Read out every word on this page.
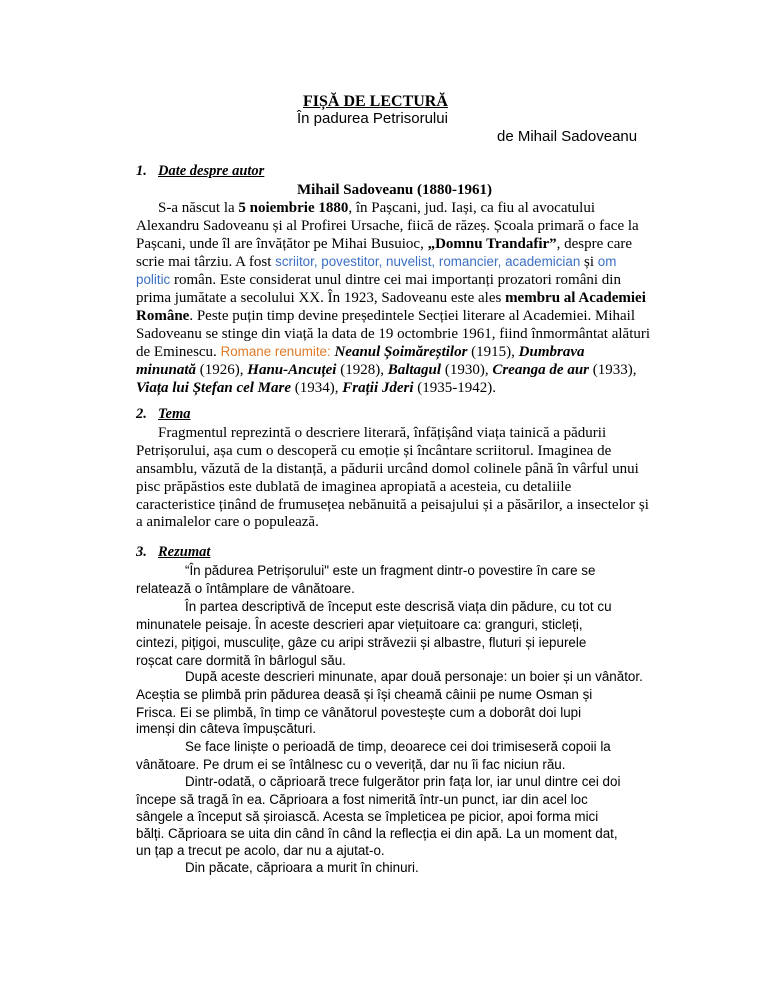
FIȘĂ DE LECTURĂ
În padurea Petrisorului
de Mihail Sadoveanu
1. Date despre autor
Mihail Sadoveanu (1880-1961)
S-a născut la 5 noiembrie 1880, în Pașcani, jud. Iași, ca fiu al avocatului
Alexandru Sadoveanu și al Profirei Ursache, fiică de răzeș. Școala primară o face la
Pașcani, unde îl are învățător pe Mihai Busuioc, „Domnu Trandafir”, despre care
scrie mai târziu. A fost scriitor, povestitor, nuvelist, romancier, academician și om
politic român. Este considerat unul dintre cei mai importanți prozatori români din
prima jumătate a secolului XX. În 1923, Sadoveanu este ales membru al Academiei
Române. Peste puțin timp devine președintele Secției literare al Academiei. Mihail
Sadoveanu se stinge din viață la data de 19 octombrie 1961, fiind înmormântat alături
de Eminescu. Romane renumite: Neanul Șoimăreștilor (1915), Dumbrava
minunată (1926), Hanu-Ancuței (1928), Baltagul (1930), Creanga de aur (1933),
Viața lui Ștefan cel Mare (1934), Frații Jderi (1935-1942).
2. Tema
Fragmentul reprezintă o descriere literară, înfățișând viața tainică a pădurii
Petrișorului, așa cum o descoperă cu emoție și încântare scriitorul. Imaginea de
ansamblu, văzută de la distanță, a pădurii urcând domol colinele până în vârful unui
pisc prăpăstios este dublată de imaginea apropiată a acesteia, cu detaliile
caracteristice ținând de frumusețea nebănuită a peisajului și a păsărilor, a insectelor și
a animalelor care o populează.
3. Rezumat
“În pădurea Petrișorului" este un fragment dintr-o povestire în care se
relatează o întâmplare de vânătoare.
În partea descriptivă de început este descrisă viața din pădure, cu tot cu
minunatele peisaje. În aceste descrieri apar viețuitoare ca: granguri, sticleți,
cintezi, pițigoi, musculițe, gâze cu aripi străvezii și albastre, fluturi și iepurele
roșcat care dormită în bârlogul său.
După aceste descrieri minunate, apar două personaje: un boier și un vânător.
Aceștia se plimbă prin pădurea deasă și își cheamă câinii pe nume Osman și
Frisca. Ei se plimbă, în timp ce vânătorul povestește cum a doborât doi lupi
imenși din câteva împușcături.
Se face liniște o perioadă de timp, deoarece cei doi trimiseseră copoii la
vânătoare. Pe drum ei se întâlnesc cu o veveriță, dar nu îi fac niciun rău.
Dintr-odată, o căprioară trece fulgerător prin fața lor, iar unul dintre cei doi
începe să tragă în ea. Căprioara a fost nimerită într-un punct, iar din acel loc
sângele a început să șiroiască. Acesta se împleticea pe picior, apoi forma mici
bălți. Căprioara se uita din când în când la reflecția ei din apă. La un moment dat,
un țap a trecut pe acolo, dar nu a ajutat-o.
Din păcate, căprioara a murit în chinuri.
